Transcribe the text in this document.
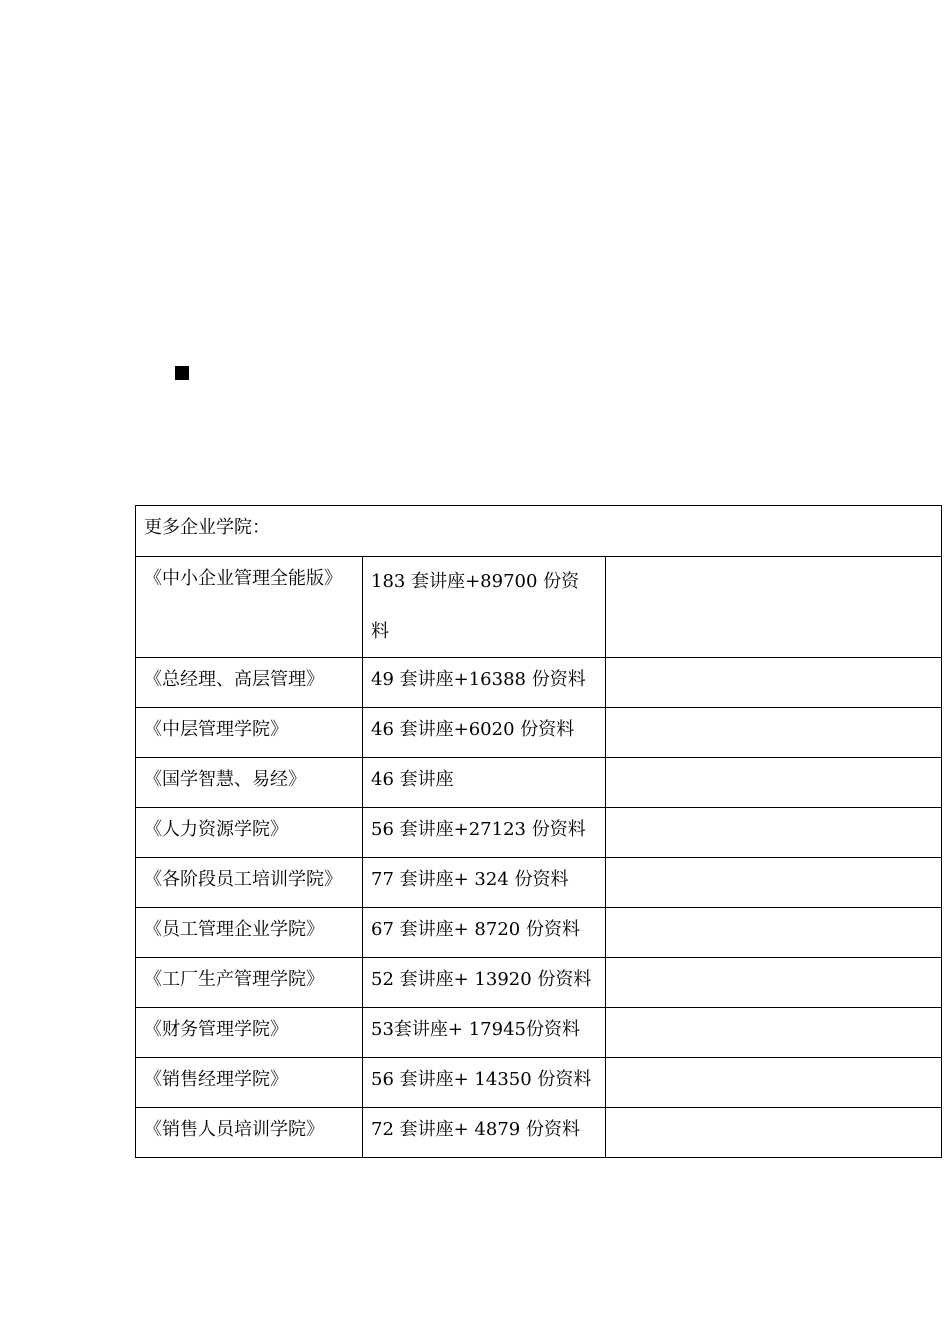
更多企业学院：		
《中小企业管理全能版》	183 套讲座+89700 份资料	
《总经理、高层管理》	49 套讲座+16388 份资料	
《中层管理学院》	46 套讲座+6020 份资料	
《国学智慧、易经》	46 套讲座	
《人力资源学院》	56 套讲座+27123 份资料	
《各阶段员工培训学院》	77 套讲座+ 324 份资料	
《员工管理企业学院》	67 套讲座+ 8720 份资料	
《工厂生产管理学院》	52 套讲座+ 13920 份资料	
《财务管理学院》	53套讲座+ 17945份资料	
《销售经理学院》	56 套讲座+ 14350 份资料	
《销售人员培训学院》	72 套讲座+ 4879 份资料	
